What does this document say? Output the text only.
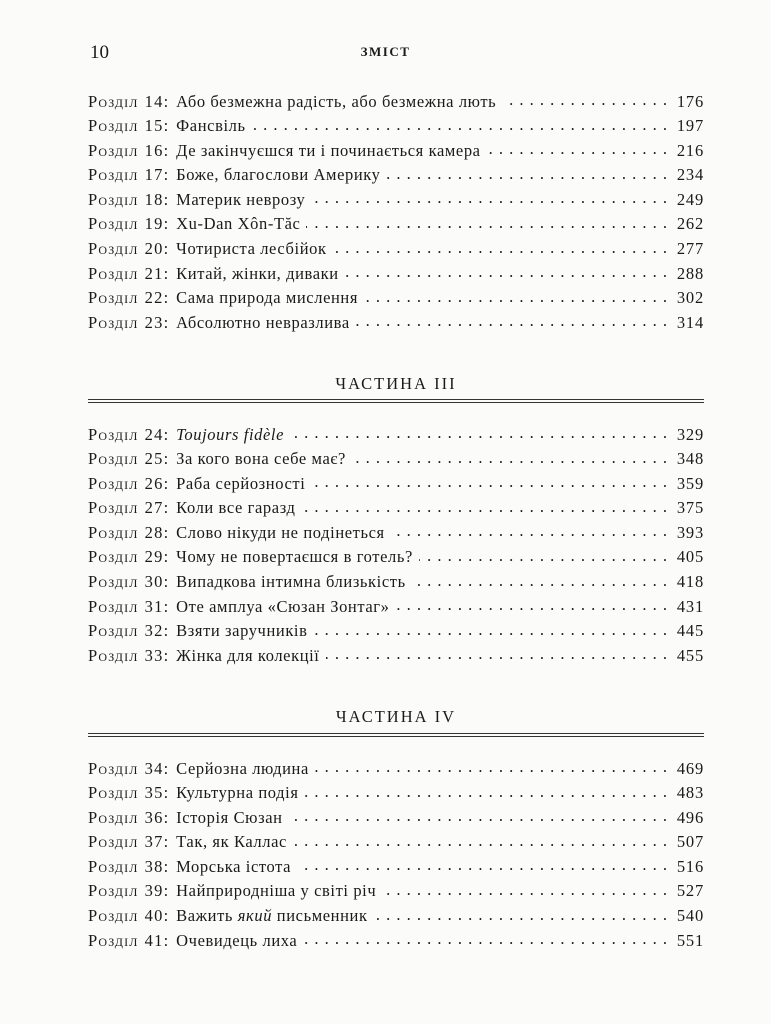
10	ЗМІСТ
Розділ 14 : Або безмежна радість, або безмежна лють . . .	176
Розділ 15 : Фансвіль . . .	197
Розділ 16 : Де закінчуєшся ти і починається камера . . .	216
Розділ 17 : Боже, благослови Америку . . .	234
Розділ 18 : Материк неврозу . . .	249
Розділ 19 : Xu-Dan Xôn-Tăc . . .	262
Розділ 20 : Чотириста лесбійок . . .	277
Розділ 21 : Китай, жінки, диваки . . .	288
Розділ 22 : Сама природа мислення . . .	302
Розділ 23 : Абсолютно невразлива . . .	314
ЧАСТИНА III
Розділ 24 : Toujours fidèle . . .	329
Розділ 25 : За кого вона себе має? . . .	348
Розділ 26 : Раба серйозності . . .	359
Розділ 27 : Коли все гаразд . . .	375
Розділ 28 : Слово нікуди не подінеться . . .	393
Розділ 29 : Чому не повертаєшся в готель? . . .	405
Розділ 30 : Випадкова інтимна близькість . . .	418
Розділ 31 : Оте амплуа «Сюзан Зонтаг» . . .	431
Розділ 32 : Взяти заручників . . .	445
Розділ 33 : Жінка для колекції . . .	455
ЧАСТИНА IV
Розділ 34 : Серйозна людина . . .	469
Розділ 35 : Культурна подія . . .	483
Розділ 36 : Історія Сюзан . . .	496
Розділ 37 : Так, як Каллас . . .	507
Розділ 38 : Морська істота . . .	516
Розділ 39 : Найприродніша у світі річ . . .	527
Розділ 40 : Важить який письменник . . .	540
Розділ 41 : Очевидець лиха . . .	551
